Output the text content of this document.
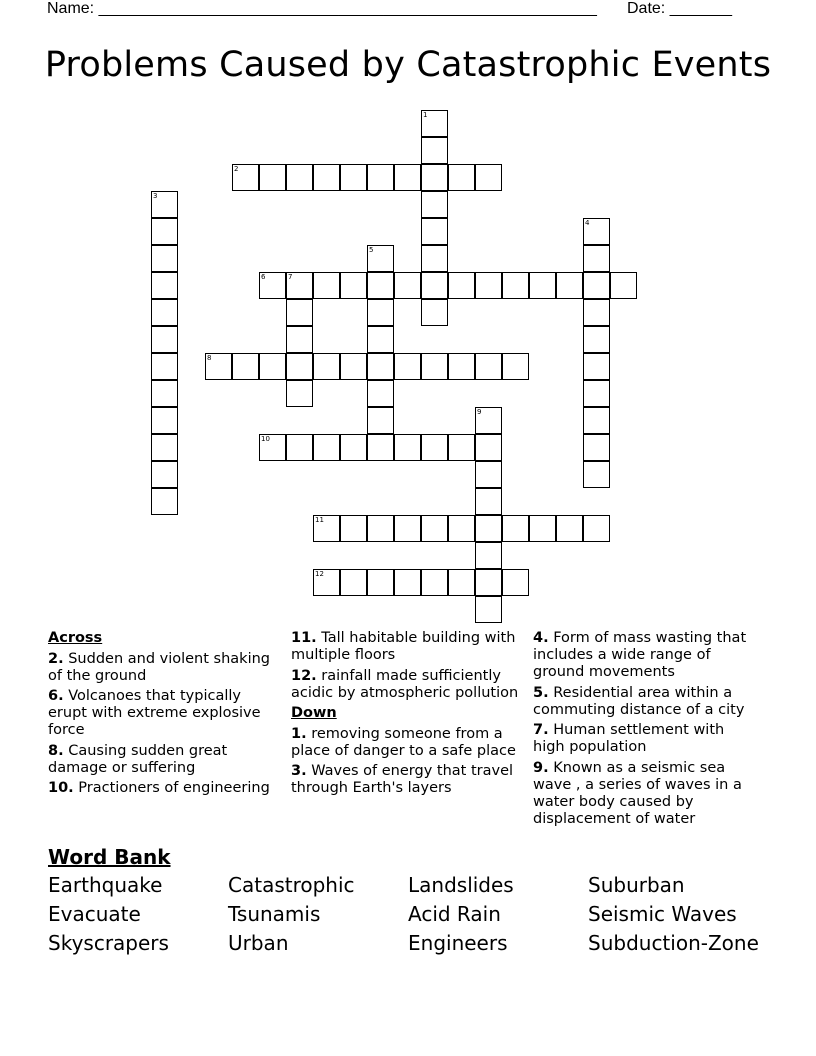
Name: ________________________________________________________ Date: _______
Problems Caused by Catastrophic Events
1
2
3
4
5
6	7
8
9
10
11
12

Across

2. Sudden and violent shaking of the ground

6. Volcanoes that typically erupt with extreme explosive force

8. Causing sudden great damage or suffering

10. Practioners of engineering

11. Tall habitable building with multiple floors

12. rainfall made sufficiently acidic by atmospheric pollution

Down

1. removing someone from a place of danger to a safe place

3. Waves of energy that travel through Earth's layers

4. Form of mass wasting that includes a wide range of ground movements

5. Residential area within a commuting distance of a city

7. Human settlement with high population

9. Known as a seismic sea wave , a series of waves in a water body caused by displacement of water

Word Bank
Earthquake	Catastrophic	Landslides	Suburban
Evacuate	Tsunamis	Acid Rain	Seismic Waves
Skyscrapers	Urban	Engineers	Subduction-Zone
